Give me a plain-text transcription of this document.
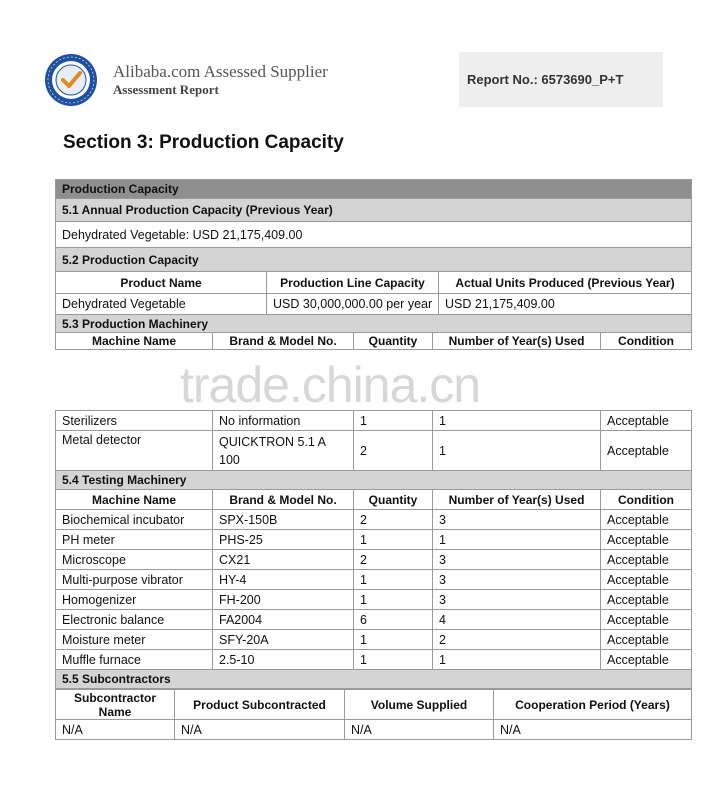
Alibaba.com Assessed Supplier
Assessment Report
Report No.: 6573690_P+T
Section 3: Production Capacity
Production Capacity		
5.1 Annual Production Capacity (Previous Year)		
Dehydrated Vegetable: USD 21,175,409.00		
5.2 Production Capacity		
Product Name	Production Line Capacity	Actual Units Produced (Previous Year)
Dehydrated Vegetable	USD 30,000,000.00 per year	USD 21,175,409.00
5.3 Production Machinery
Machine Name	Brand & Model No.	Quantity	Number of Year(s) Used	Condition
trade.china.cn
Sterilizers	No information	1	1	Acceptable
Metal detector	QUICKTRON 5.1 A 100	2	1	Acceptable
5.4 Testing Machinery				
Machine Name	Brand & Model No.	Quantity	Number of Year(s) Used	Condition
Biochemical incubator	SPX-150B	2	3	Acceptable
PH meter	PHS-25	1	1	Acceptable
Microscope	CX21	2	3	Acceptable
Multi-purpose vibrator	HY-4	1	3	Acceptable
Homogenizer	FH-200	1	3	Acceptable
Electronic balance	FA2004	6	4	Acceptable
Moisture meter	SFY-20A	1	2	Acceptable
Muffle furnace	2.5-10	1	1	Acceptable
5.5 Subcontractors				
Subcontractor Name	Product Subcontracted	Volume Supplied	Cooperation Period (Years)
N/A	N/A	N/A	N/A
